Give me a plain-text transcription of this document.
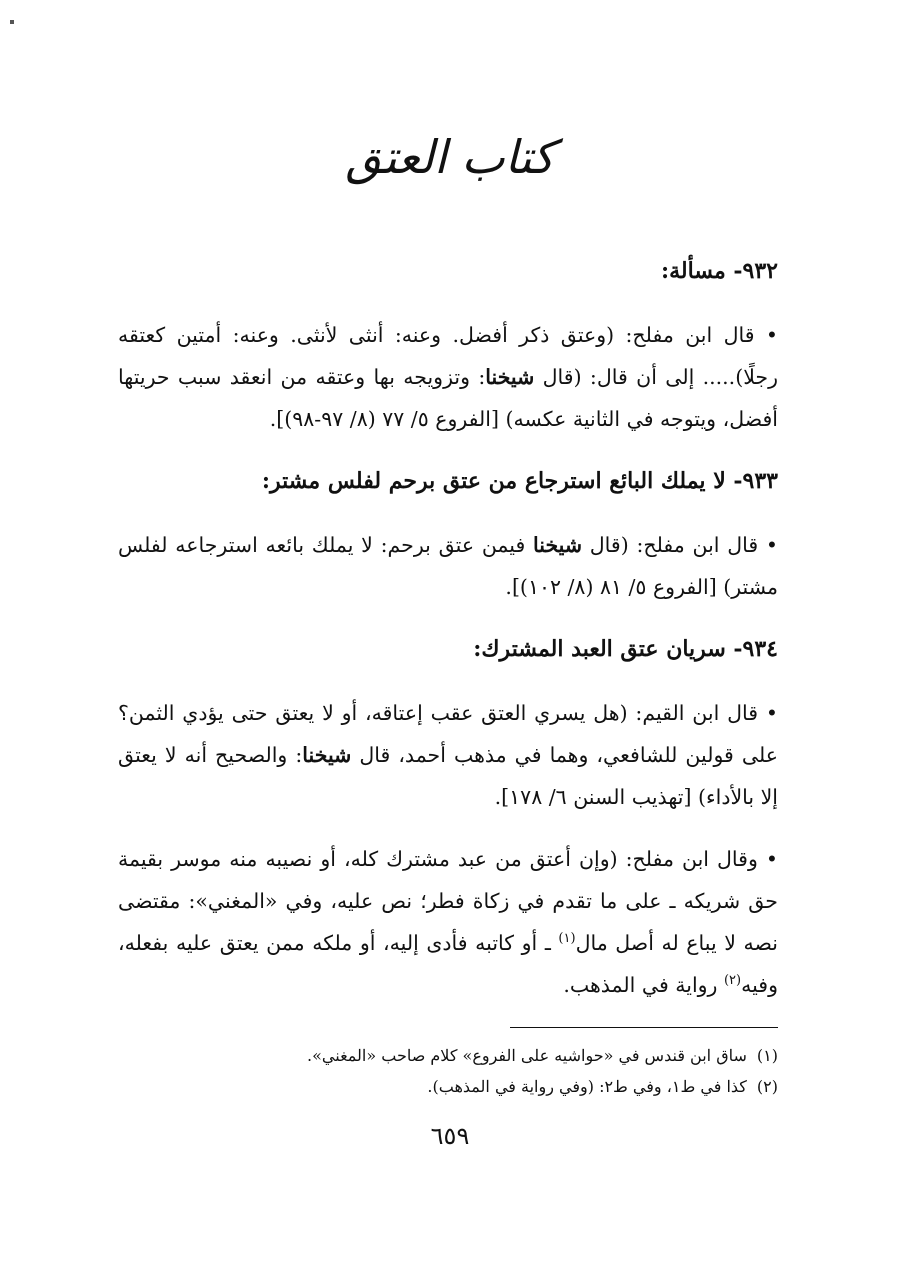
كتاب العتق
٩٣٢- مسألة:

• قال ابن مفلح: (وعتق ذكر أفضل. وعنه: أنثى لأنثى. وعنه: أمتين كعتقه رجلًا)..... إلى أن قال: (قال شيخنا: وتزويجه بها وعتقه من انعقد سبب حريتها أفضل، ويتوجه في الثانية عكسه) [الفروع ٥/ ٧٧ (٨/ ٩٧-٩٨)].

٩٣٣- لا يملك البائع استرجاع من عتق برحم لفلس مشتر:

• قال ابن مفلح: (قال شيخنا فيمن عتق برحم: لا يملك بائعه استرجاعه لفلس مشتر) [الفروع ٥/ ٨١ (٨/ ١٠٢)].

٩٣٤- سريان عتق العبد المشترك:

• قال ابن القيم: (هل يسري العتق عقب إعتاقه، أو لا يعتق حتى يؤدي الثمن؟ على قولين للشافعي، وهما في مذهب أحمد، قال شيخنا: والصحيح أنه لا يعتق إلا بالأداء) [تهذيب السنن ٦/ ١٧٨].

• وقال ابن مفلح: (وإن أعتق من عبد مشترك كله، أو نصيبه منه موسر بقيمة حق شريكه ـ على ما تقدم في زكاة فطر؛ نص عليه، وفي «المغني»: مقتضى نصه لا يباع له أصل مال$^{(١)}$ ـ أو كاتبه فأدى إليه، أو ملكه ممن يعتق عليه بفعله، وفيه$^{(٢)}$ رواية في المذهب.

(١)ساق ابن قندس في «حواشيه على الفروع» كلام صاحب «المغني».

(٢)كذا في ط١، وفي ط٢: (وفي رواية في المذهب).

٦٥٩
